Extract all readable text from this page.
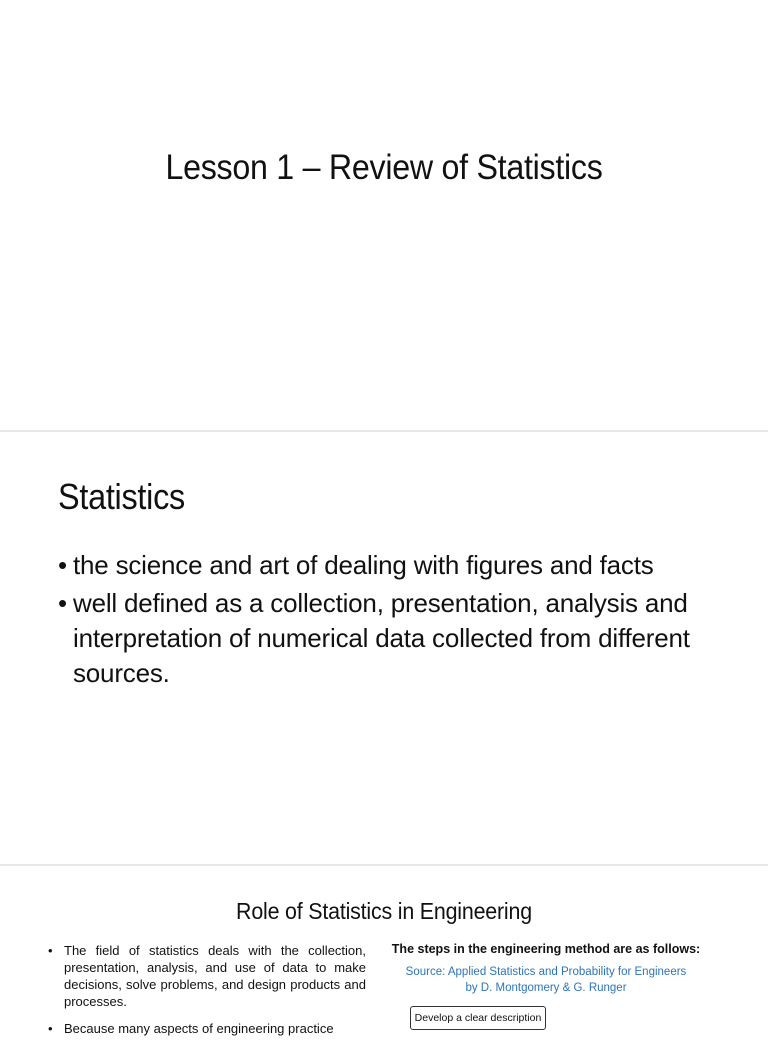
Lesson 1 – Review of Statistics
Statistics
• the science and art of dealing with figures and facts
• well defined as a collection, presentation, analysis and interpretation of numerical data collected from different sources.
Role of Statistics in Engineering
• The field of statistics deals with the collection, presentation, analysis, and use of data to make decisions, solve problems, and design products and processes.
• Because many aspects of engineering practice

The steps in the engineering method are as follows:

Source: Applied Statistics and Probability for Engineers
by D. Montgomery & G. Runger

Develop a clear description
